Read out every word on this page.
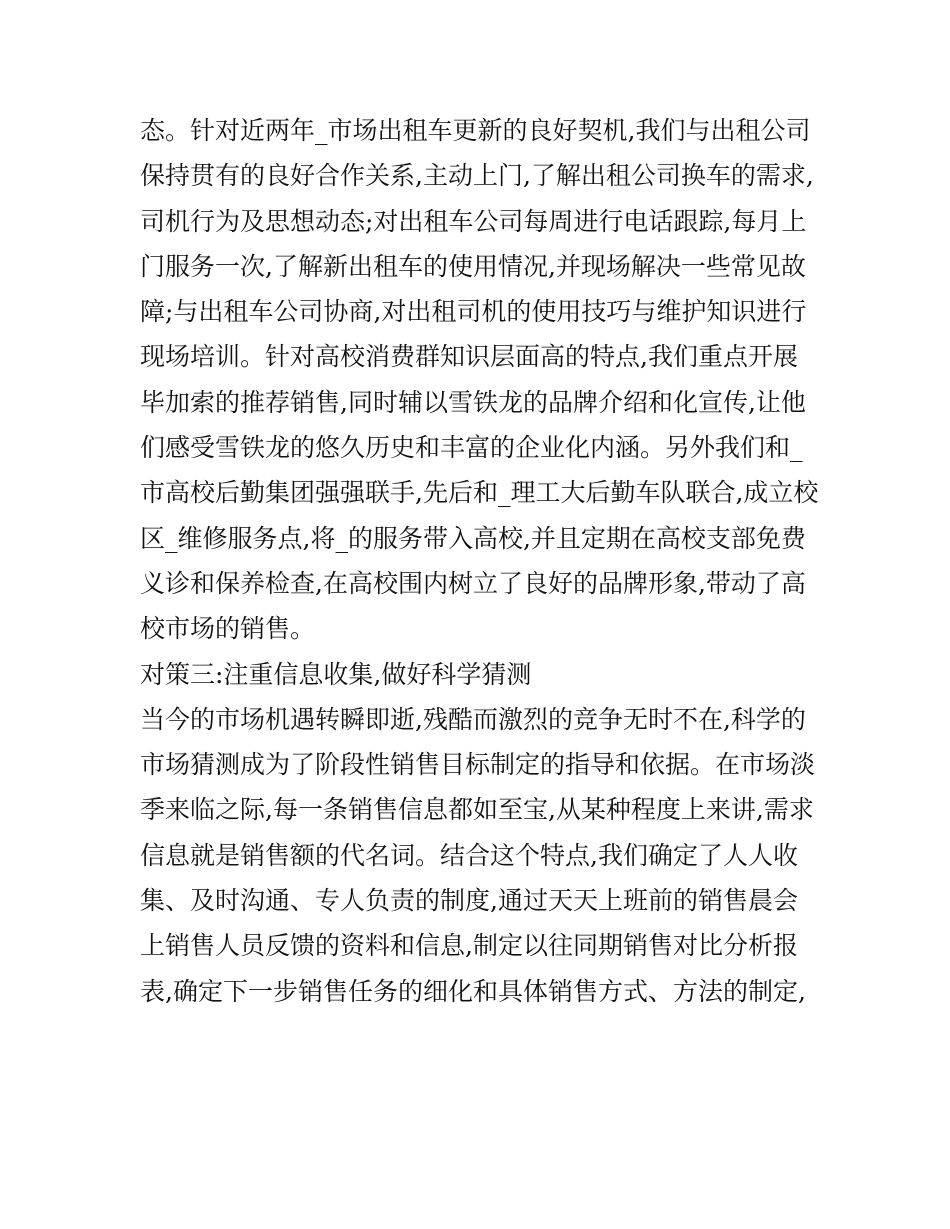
态。针对近两年_市场出租车更新的良好契机,我们与出租公司
保持贯有的良好合作关系,主动上门,了解出租公司换车的需求,
司机行为及思想动态;对出租车公司每周进行电话跟踪,每月上
门服务一次,了解新出租车的使用情况,并现场解决一些常见故
障;与出租车公司协商,对出租司机的使用技巧与维护知识进行
现场培训。针对高校消费群知识层面高的特点,我们重点开展
毕加索的推荐销售,同时辅以雪铁龙的品牌介绍和化宣传,让他
们感受雪铁龙的悠久历史和丰富的企业化内涵。另外我们和_
市高校后勤集团强强联手,先后和_理工大后勤车队联合,成立校
区_维修服务点,将_的服务带入高校,并且定期在高校支部免费
义诊和保养检查,在高校围内树立了良好的品牌形象,带动了高
校市场的销售。
对策三:注重信息收集,做好科学猜测
当今的市场机遇转瞬即逝,残酷而激烈的竞争无时不在,科学的
市场猜测成为了阶段性销售目标制定的指导和依据。在市场淡
季来临之际,每一条销售信息都如至宝,从某种程度上来讲,需求
信息就是销售额的代名词。结合这个特点,我们确定了人人收
集、及时沟通、专人负责的制度,通过天天上班前的销售晨会
上销售人员反馈的资料和信息,制定以往同期销售对比分析报
表,确定下一步销售任务的细化和具体销售方式、方法的制定,
